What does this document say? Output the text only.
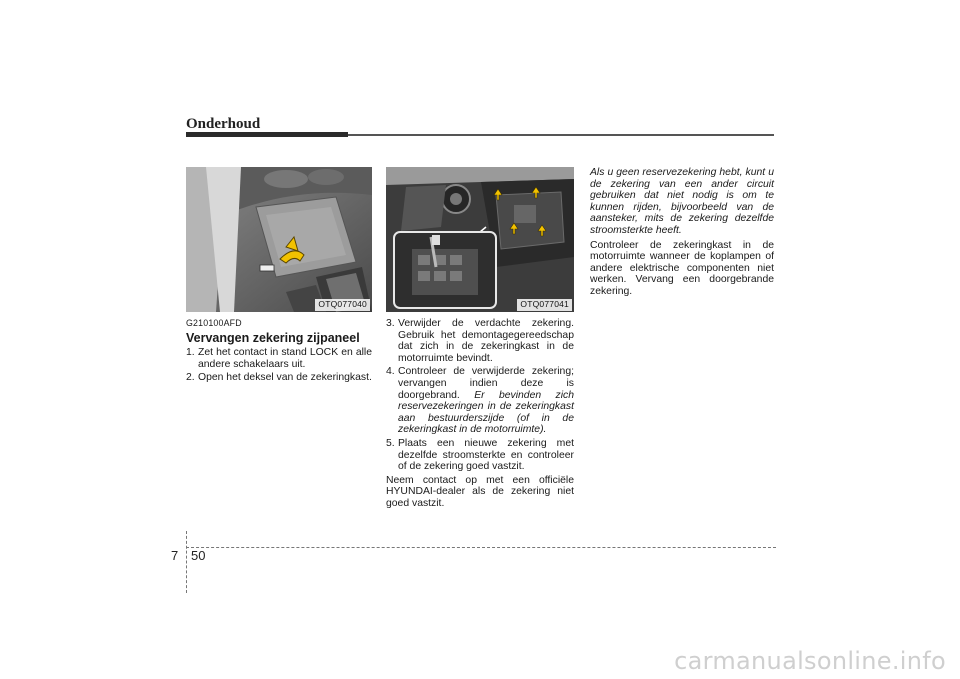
Onderhoud
OTQ077040
G210100AFD
Vervangen zekering zijpaneel
1. Zet het contact in stand LOCK en alle andere schakelaars uit.
2. Open het deksel van de zekeringkast.
OTQ077041
3. Verwijder de verdachte zekering. Gebruik het demontagegereedschap dat zich in de zekeringkast in de motorruimte bevindt.
4. Controleer de verwijderde zekering; vervangen indien deze is doorgebrand. Er bevinden zich reservezekeringen in de zekeringkast aan bestuurderszijde (of in de zekeringkast in de motorruimte).
5. Plaats een nieuwe zekering met dezelfde stroomsterkte en controleer of de zekering goed vastzit.
Neem contact op met een officiële HYUNDAI-dealer als de zekering niet goed vastzit.
Als u geen reservezekering hebt, kunt u de zekering van een ander circuit gebruiken dat niet nodig is om te kunnen rijden, bijvoorbeeld van de aansteker, mits de zekering dezelfde stroomsterkte heeft.
Controleer de zekeringkast in de motorruimte wanneer de koplampen of andere elektrische componenten niet werken. Vervang een doorgebrande zekering.
7 50
carmanualsonline.info
